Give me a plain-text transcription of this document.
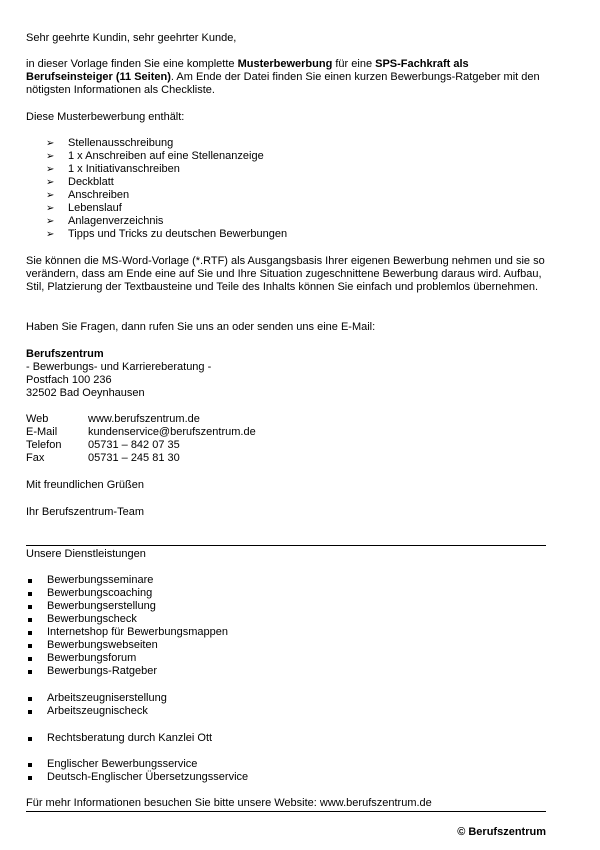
Sehr geehrte Kundin, sehr geehrter Kunde,

in dieser Vorlage finden Sie eine komplette Musterbewerbung für eine SPS-Fachkraft als Berufseinsteiger (11 Seiten). Am Ende der Datei finden Sie einen kurzen Bewerbungs-Ratgeber mit den nötigsten Informationen als Checkliste.

Diese Musterbewerbung enthält:

➢	Stellenausschreibung
➢	1 x Anschreiben auf eine Stellenanzeige
➢	1 x Initiativanschreiben
➢	Deckblatt
➢	Anschreiben
➢	Lebenslauf
➢	Anlagenverzeichnis
➢	Tipps und Tricks zu deutschen Bewerbungen

Sie können die MS-Word-Vorlage (*.RTF) als Ausgangsbasis Ihrer eigenen Bewerbung nehmen und sie so verändern, dass am Ende eine auf Sie und Ihre Situation zugeschnittene Bewerbung daraus wird. Aufbau, Stil, Platzierung der Textbausteine und Teile des Inhalts können Sie einfach und problemlos übernehmen.

Haben Sie Fragen, dann rufen Sie uns an oder senden uns eine E-Mail:

Berufszentrum
- Bewerbungs- und Karriereberatung -
Postfach 100 236
32502 Bad Oeynhausen
Web	www.berufszentrum.de
E-Mail	kundenservice@berufszentrum.de
Telefon	05731 – 842 07 35
Fax	05731 – 245 81 30

Mit freundlichen Grüßen

Ihr Berufszentrum-Team

Unsere Dienstleistungen

Bewerbungsseminare
Bewerbungscoaching
Bewerbungserstellung
Bewerbungscheck
Internetshop für Bewerbungsmappen
Bewerbungswebseiten
Bewerbungsforum
Bewerbungs-Ratgeber
Arbeitszeugniserstellung
Arbeitszeugnischeck
Rechtsberatung durch Kanzlei Ott
Englischer Bewerbungsservice
Deutsch-Englischer Übersetzungsservice

Für mehr Informationen besuchen Sie bitte unsere Website: www.berufszentrum.de

© Berufszentrum
